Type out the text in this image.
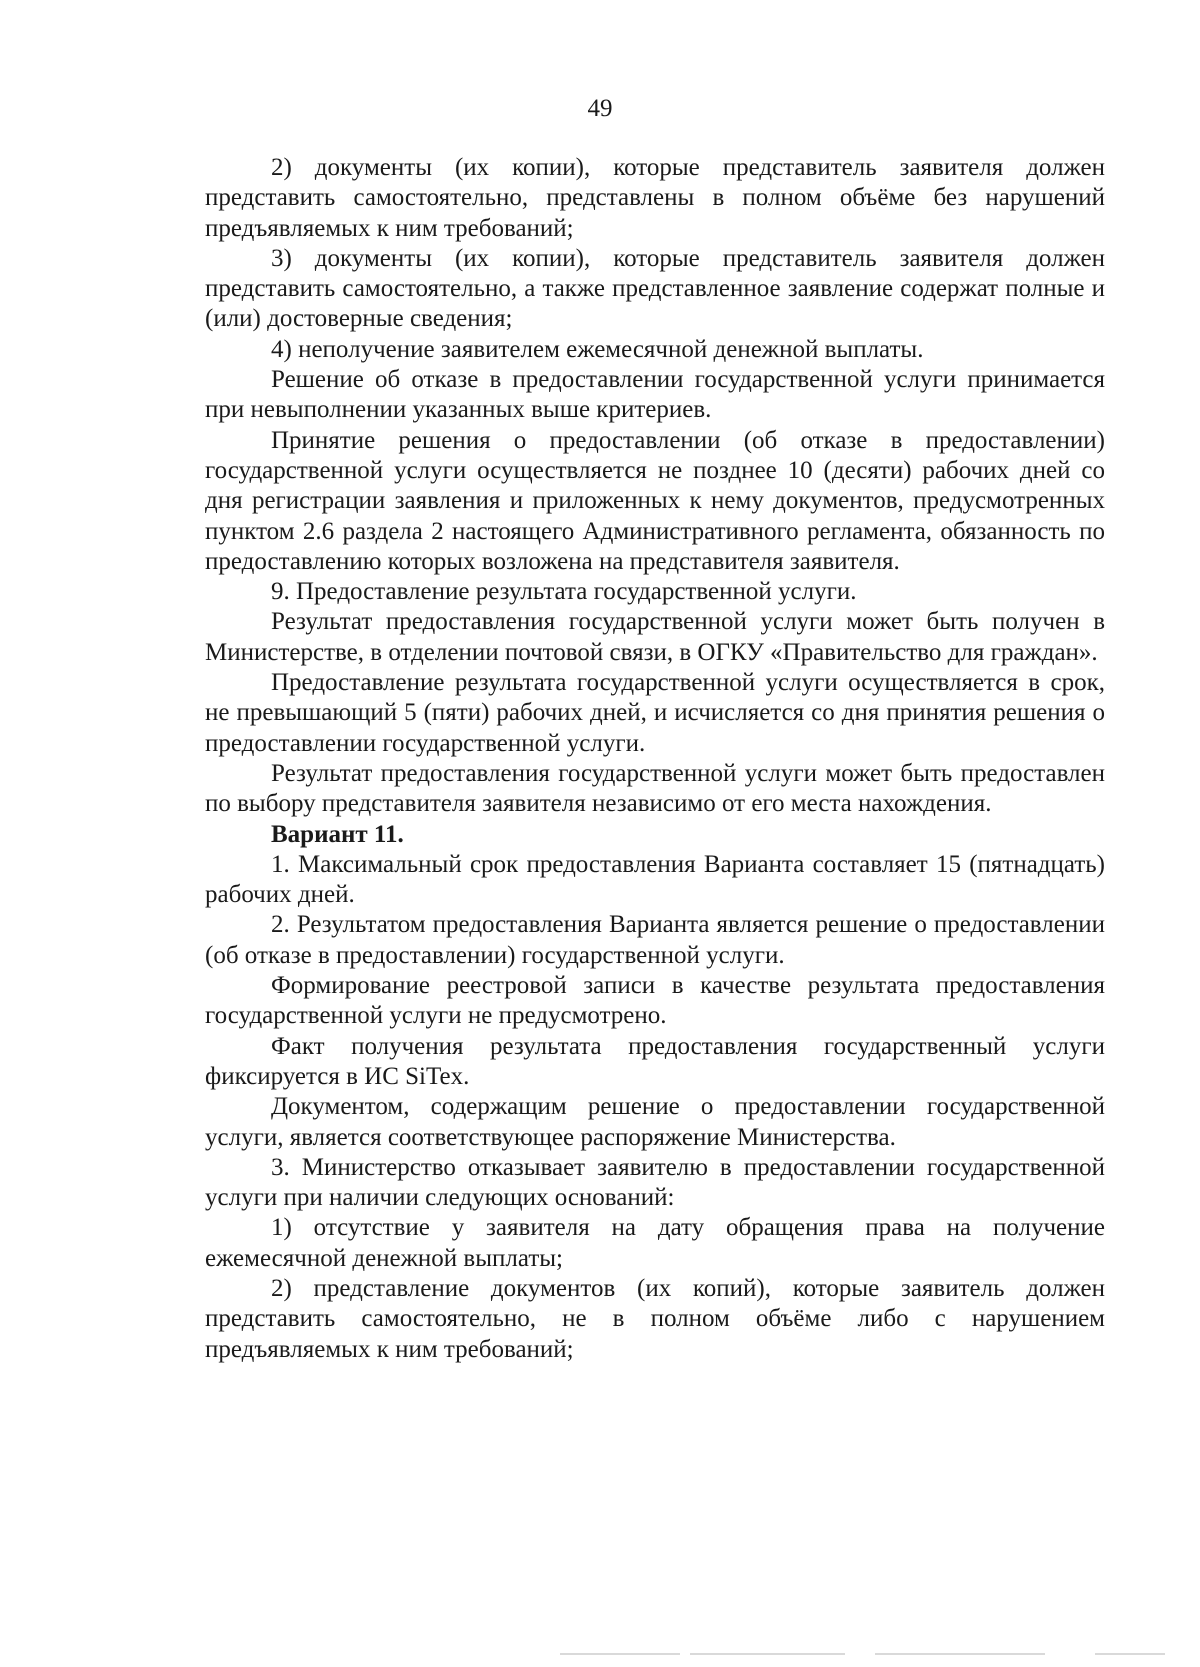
49

2) документы (их копии), которые представитель заявителя должен представить самостоятельно, представлены в полном объёме без нарушений предъявляемых к ним требований;

3) документы (их копии), которые представитель заявителя должен представить самостоятельно, а также представленное заявление содержат полные и (или) достоверные сведения;

4) неполучение заявителем ежемесячной денежной выплаты.

Решение об отказе в предоставлении государственной услуги принимается при невыполнении указанных выше критериев.

Принятие решения о предоставлении (об отказе в предоставлении) государственной услуги осуществляется не позднее 10 (десяти) рабочих дней со дня регистрации заявления и приложенных к нему документов, предусмотренных пунктом 2.6 раздела 2 настоящего Административного регламента, обязанность по предоставлению которых возложена на представителя заявителя.

9. Предоставление результата государственной услуги.

Результат предоставления государственной услуги может быть получен в Министерстве, в отделении почтовой связи, в ОГКУ «Правительство для граждан».

Предоставление результата государственной услуги осуществляется в срок, не превышающий 5 (пяти) рабочих дней, и исчисляется со дня принятия решения о предоставлении государственной услуги.

Результат предоставления государственной услуги может быть предоставлен по выбору представителя заявителя независимо от его места нахождения.

Вариант 11.

1. Максимальный срок предоставления Варианта составляет 15 (пятнадцать) рабочих дней.

2. Результатом предоставления Варианта является решение о предоставлении (об отказе в предоставлении) государственной услуги.

Формирование реестровой записи в качестве результата предоставления государственной услуги не предусмотрено.

Факт получения результата предоставления государственный услуги фиксируется в ИС SiTex.

Документом, содержащим решение о предоставлении государственной услуги, является соответствующее распоряжение Министерства.

3. Министерство отказывает заявителю в предоставлении государственной услуги при наличии следующих оснований:

1) отсутствие у заявителя на дату обращения права на получение ежемесячной денежной выплаты;

2) представление документов (их копий), которые заявитель должен представить самостоятельно, не в полном объёме либо с нарушением предъявляемых к ним требований;
